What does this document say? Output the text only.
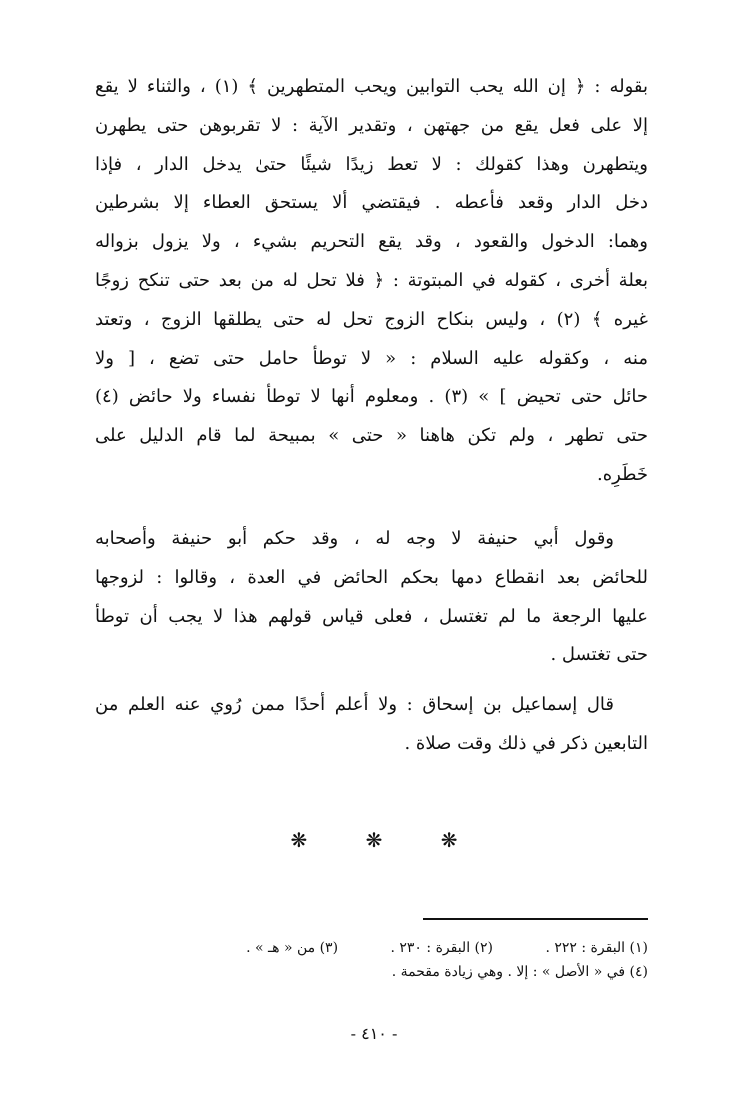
بقوله : ﴿ إن الله يحب التوابين ويحب المتطهرين ﴾ (١) ، والثناء لا يقع
إلا على فعل يقع من جهتهن ، وتقدير الآية : لا تقربوهن حتى يطهرن
ويتطهرن وهذا كقولك : لا تعط زيدًا شيئًا حتىٰ يدخل الدار ، فإذا
دخل الدار وقعد فأعطه . فيقتضي ألا يستحق العطاء إلا بشرطين
وهما: الدخول والقعود ، وقد يقع التحريم بشيء ، ولا يزول بزواله
بعلة أخرى ، كقوله في المبتوتة : ﴿ فلا تحل له من بعد حتى تنكح زوجًا
غيره ﴾ (٢) ، وليس بنكاح الزوج تحل له حتى يطلقها الزوج ، وتعتد
منه ، وكقوله عليه السلام : « لا توطأ حامل حتى تضع ، [ ولا
حائل حتى تحيض ] » (٣) . ومعلوم أنها لا توطأ نفساء ولا حائض (٤)
حتى تطهر ، ولم تكن هاهنا « حتى » بمبيحة لما قام الدليل على
خَطَرِه.
وقول أبي حنيفة لا وجه له ، وقد حكم أبو حنيفة وأصحابه
للحائض بعد انقطاع دمها بحكم الحائض في العدة ، وقالوا : لزوجها
عليها الرجعة ما لم تغتسل ، فعلى قياس قولهم هذا لا يجب أن توطأ
حتى تغتسل .
قال إسماعيل بن إسحاق : ولا أعلم أحدًا ممن رُوي عنه العلم من
التابعين ذكر في ذلك وقت صلاة .
❋	❋	❋
(١) البقرة : ٢٢٢ . (٢) البقرة : ٢٣٠ . (٣) من « هـ » .
(٤) في « الأصل » : إلا . وهي زيادة مقحمة .
- ٤١٠ -
